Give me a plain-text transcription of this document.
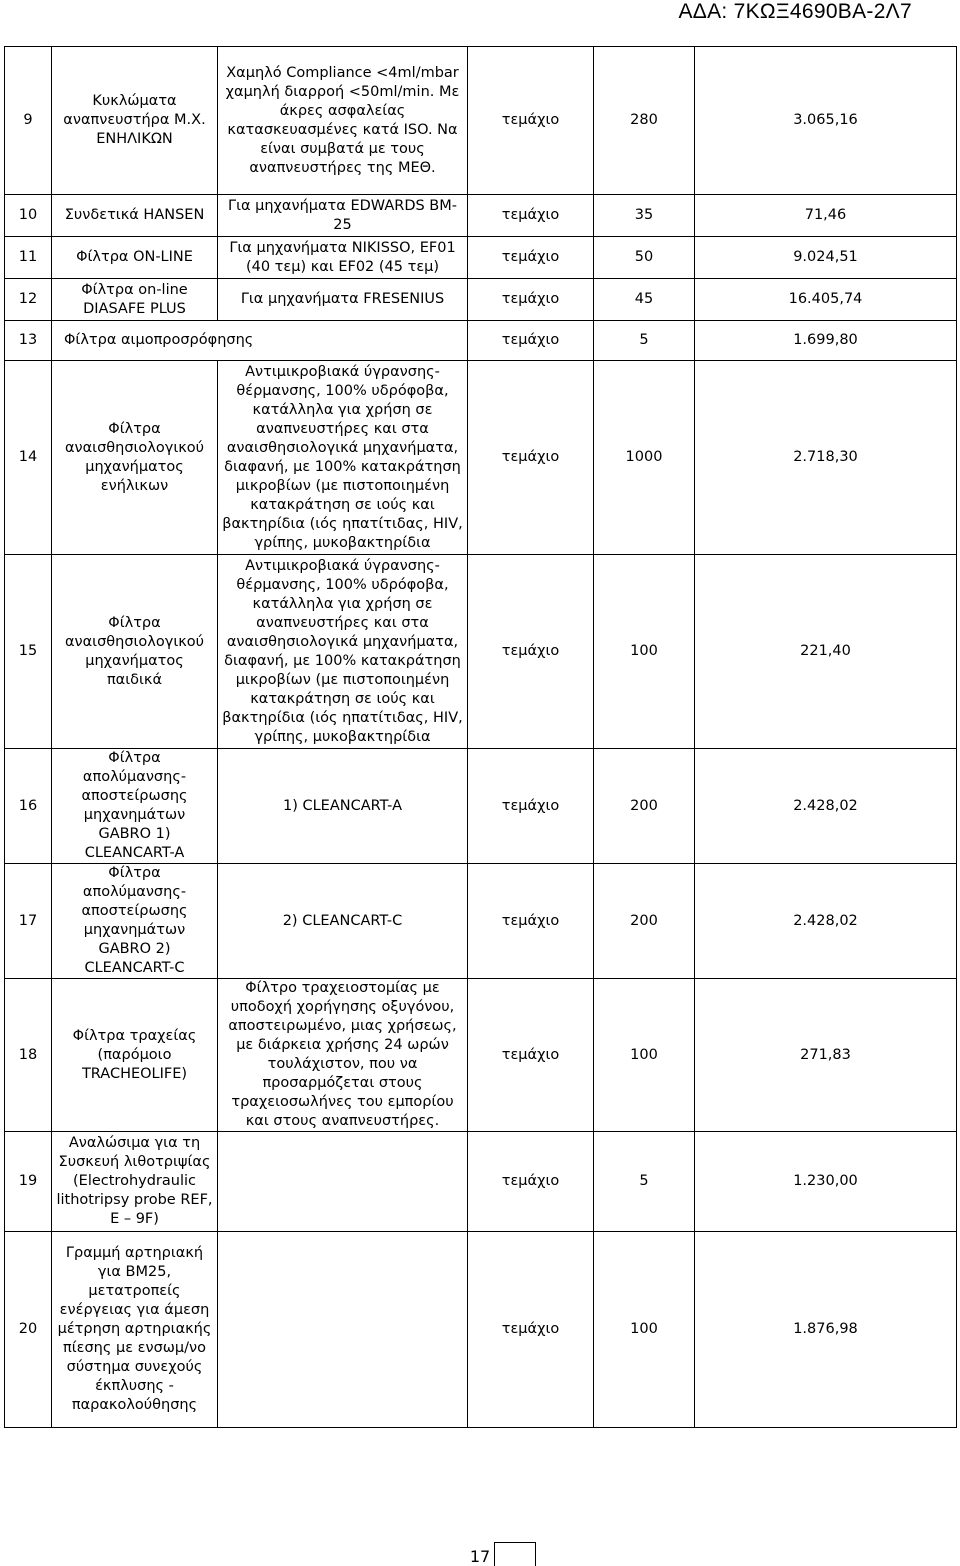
ΑΔΑ: 7ΚΩΞ4690ΒΑ-2Λ7
9	Κυκλώματα αναπνευστήρα Μ.Χ. ΕΝΗΛΙΚΩΝ	Χαμηλό Compliance <4ml/mbar χαμηλή διαρροή <50ml/min. Με άκρες ασφαλείας κατασκευασμένες κατά ISO. Να είναι συμβατά με τους αναπνευστήρες της ΜΕΘ.	τεμάχιο	280	3.065,16
10	Συνδετικά HANSEN	Για μηχανήματα EDWARDS BM-25	τεμάχιο	35	71,46
11	Φίλτρα ON-LINE	Για μηχανήματα NIKISSO, EF01 (40 τεμ) και EF02 (45 τεμ)	τεμάχιο	50	9.024,51
12	Φίλτρα on-line DIASAFE PLUS	Για μηχανήματα FRESENIUS	τεμάχιο	45	16.405,74
13	Φίλτρα αιμοπροσρόφησης		τεμάχιο	5	1.699,80
14	Φίλτρα αναισθησιολογικού μηχανήματος ενήλικων	Αντιμικροβιακά ύγρανσης-θέρμανσης, 100% υδρόφοβα, κατάλληλα για χρήση σε αναπνευστήρες και στα αναισθησιολογικά μηχανήματα, διαφανή, με 100% κατακράτηση μικροβίων (με πιστοποιημένη κατακράτηση σε ιούς και βακτηρίδια (ιός ηπατίτιδας, HIV, γρίπης, μυκοβακτηρίδια	τεμάχιο	1000	2.718,30
15	Φίλτρα αναισθησιολογικού μηχανήματος παιδικά	Αντιμικροβιακά ύγρανσης-θέρμανσης, 100% υδρόφοβα, κατάλληλα για χρήση σε αναπνευστήρες και στα αναισθησιολογικά μηχανήματα, διαφανή, με 100% κατακράτηση μικροβίων (με πιστοποιημένη κατακράτηση σε ιούς και βακτηρίδια (ιός ηπατίτιδας, HIV, γρίπης, μυκοβακτηρίδια	τεμάχιο	100	221,40
16	Φίλτρα απολύμανσης-αποστείρωσης μηχανημάτων GABRO 1) CLEANCART-A	1) CLEANCART-A	τεμάχιο	200	2.428,02
17	Φίλτρα απολύμανσης-αποστείρωσης μηχανημάτων GABRO 2) CLEANCART-C	2) CLEANCART-C	τεμάχιο	200	2.428,02
18	Φίλτρα τραχείας (παρόμοιο TRACHEOLIFE)	Φίλτρο τραχειοστομίας με υποδοχή χορήγησης οξυγόνου, αποστειρωμένο, μιας χρήσεως, με διάρκεια χρήσης 24 ωρών τουλάχιστον, που να προσαρμόζεται στους τραχειοσωλήνες του εμπορίου και στους αναπνευστήρες.	τεμάχιο	100	271,83
19	Αναλώσιμα για τη Συσκευή λιθοτριψίας (Electrohydraulic lithotripsy probe REF, E – 9F)		τεμάχιο	5	1.230,00
20	Γραμμή αρτηριακή για BM25, μετατροπείς ενέργειας για άμεση μέτρηση αρτηριακής πίεσης με ενσωμ/νο σύστημα συνεχούς έκπλυσης - παρακολούθησης		τεμάχιο	100	1.876,98
17
